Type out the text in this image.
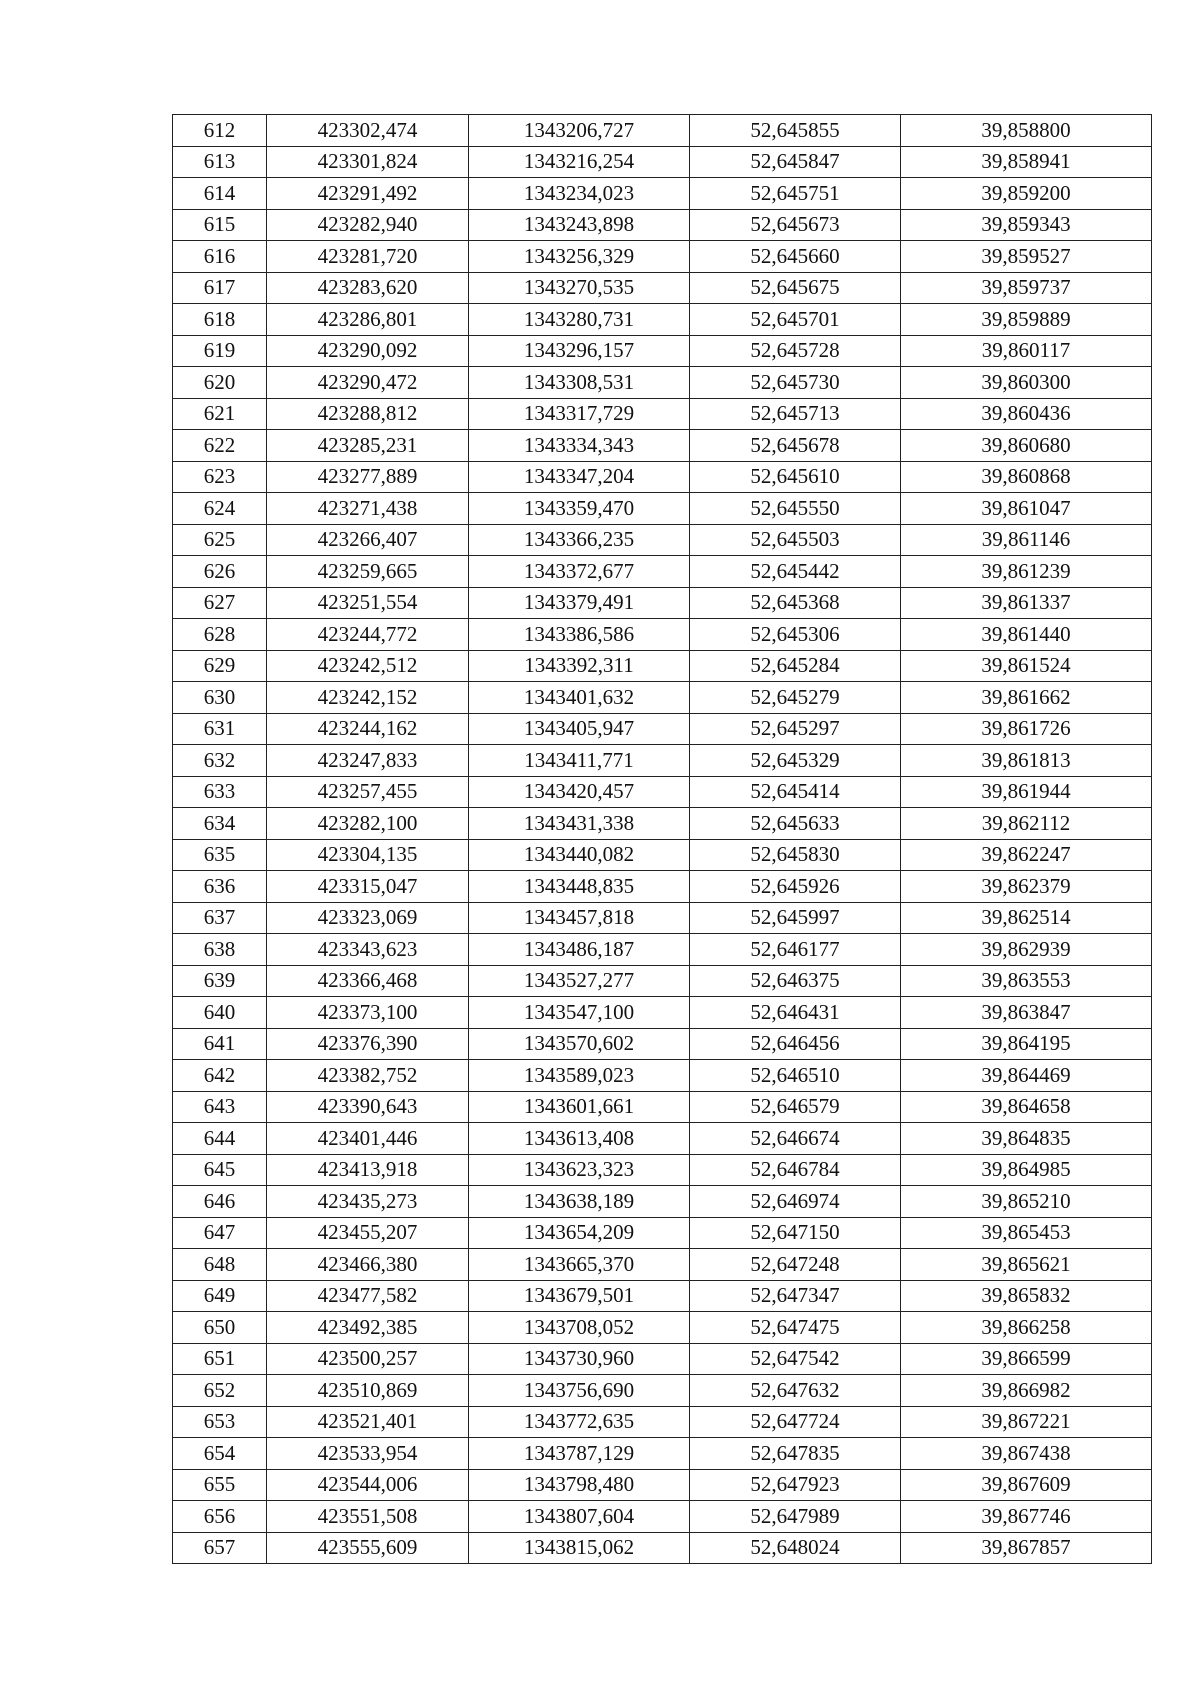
612	423302,474	1343206,727	52,645855	39,858800
613	423301,824	1343216,254	52,645847	39,858941
614	423291,492	1343234,023	52,645751	39,859200
615	423282,940	1343243,898	52,645673	39,859343
616	423281,720	1343256,329	52,645660	39,859527
617	423283,620	1343270,535	52,645675	39,859737
618	423286,801	1343280,731	52,645701	39,859889
619	423290,092	1343296,157	52,645728	39,860117
620	423290,472	1343308,531	52,645730	39,860300
621	423288,812	1343317,729	52,645713	39,860436
622	423285,231	1343334,343	52,645678	39,860680
623	423277,889	1343347,204	52,645610	39,860868
624	423271,438	1343359,470	52,645550	39,861047
625	423266,407	1343366,235	52,645503	39,861146
626	423259,665	1343372,677	52,645442	39,861239
627	423251,554	1343379,491	52,645368	39,861337
628	423244,772	1343386,586	52,645306	39,861440
629	423242,512	1343392,311	52,645284	39,861524
630	423242,152	1343401,632	52,645279	39,861662
631	423244,162	1343405,947	52,645297	39,861726
632	423247,833	1343411,771	52,645329	39,861813
633	423257,455	1343420,457	52,645414	39,861944
634	423282,100	1343431,338	52,645633	39,862112
635	423304,135	1343440,082	52,645830	39,862247
636	423315,047	1343448,835	52,645926	39,862379
637	423323,069	1343457,818	52,645997	39,862514
638	423343,623	1343486,187	52,646177	39,862939
639	423366,468	1343527,277	52,646375	39,863553
640	423373,100	1343547,100	52,646431	39,863847
641	423376,390	1343570,602	52,646456	39,864195
642	423382,752	1343589,023	52,646510	39,864469
643	423390,643	1343601,661	52,646579	39,864658
644	423401,446	1343613,408	52,646674	39,864835
645	423413,918	1343623,323	52,646784	39,864985
646	423435,273	1343638,189	52,646974	39,865210
647	423455,207	1343654,209	52,647150	39,865453
648	423466,380	1343665,370	52,647248	39,865621
649	423477,582	1343679,501	52,647347	39,865832
650	423492,385	1343708,052	52,647475	39,866258
651	423500,257	1343730,960	52,647542	39,866599
652	423510,869	1343756,690	52,647632	39,866982
653	423521,401	1343772,635	52,647724	39,867221
654	423533,954	1343787,129	52,647835	39,867438
655	423544,006	1343798,480	52,647923	39,867609
656	423551,508	1343807,604	52,647989	39,867746
657	423555,609	1343815,062	52,648024	39,867857
